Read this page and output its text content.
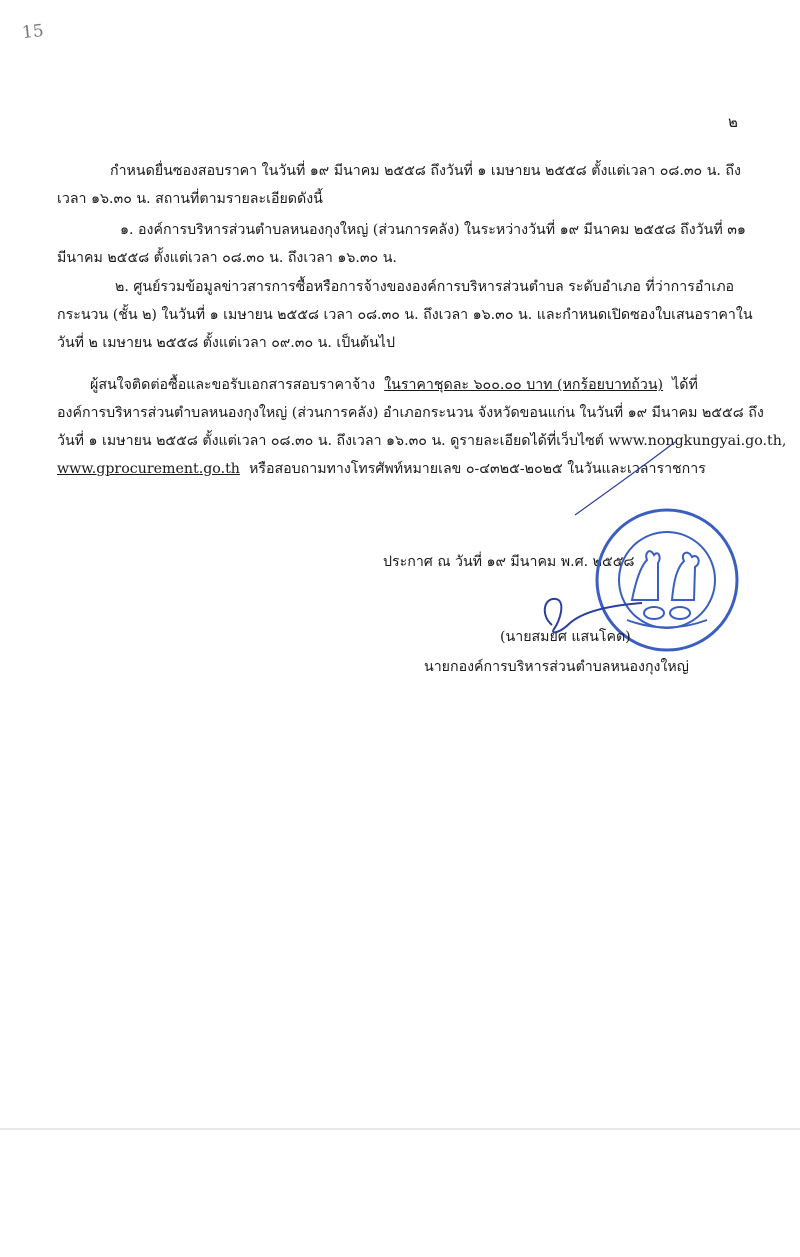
15
๒
กำหนดยื่นซองสอบราคา ในวันที่ ๑๙ มีนาคม ๒๕๕๘ ถึงวันที่ ๑ เมษายน ๒๕๕๘ ตั้งแต่เวลา ๐๘.๓๐ น. ถึง
เวลา ๑๖.๓๐ น. สถานที่ตามรายละเอียดดังนี้
๑. องค์การบริหารส่วนตำบลหนองกุงใหญ่ (ส่วนการคลัง) ในระหว่างวันที่ ๑๙ มีนาคม ๒๕๕๘ ถึงวันที่ ๓๑
มีนาคม ๒๕๕๘ ตั้งแต่เวลา ๐๘.๓๐ น. ถึงเวลา ๑๖.๓๐ น.
๒. ศูนย์รวมข้อมูลข่าวสารการซื้อหรือการจ้างขององค์การบริหารส่วนตำบล ระดับอำเภอ ที่ว่าการอำเภอ
กระนวน (ชั้น ๒) ในวันที่ ๑ เมษายน ๒๕๕๘ เวลา ๐๘.๓๐ น. ถึงเวลา ๑๖.๓๐ น. และกำหนดเปิดซองใบเสนอราคาใน
วันที่ ๒ เมษายน ๒๕๕๘ ตั้งแต่เวลา ๐๙.๓๐ น. เป็นต้นไป
ผู้สนใจติดต่อซื้อและขอรับเอกสารสอบราคาจ้าง ในราคาชุดละ ๖๐๐.๐๐ บาท (หกร้อยบาทถ้วน) ได้ที่
องค์การบริหารส่วนตำบลหนองกุงใหญ่ (ส่วนการคลัง) อำเภอกระนวน จังหวัดขอนแก่น ในวันที่ ๑๙ มีนาคม ๒๕๕๘ ถึง
วันที่ ๑ เมษายน ๒๕๕๘ ตั้งแต่เวลา ๐๘.๓๐ น. ถึงเวลา ๑๖.๓๐ น. ดูรายละเอียดได้ที่เว็บไซต์ www.nongkungyai.go.th,
www.gprocurement.go.th หรือสอบถามทางโทรศัพท์หมายเลข ๐-๔๓๒๕-๒๐๒๕ ในวันและเวลาราชการ
ประกาศ ณ วันที่ ๑๙ มีนาคม พ.ศ. ๒๕๕๘
(นายสมยศ แสนโคต)
นายกองค์การบริหารส่วนตำบลหนองกุงใหญ่
